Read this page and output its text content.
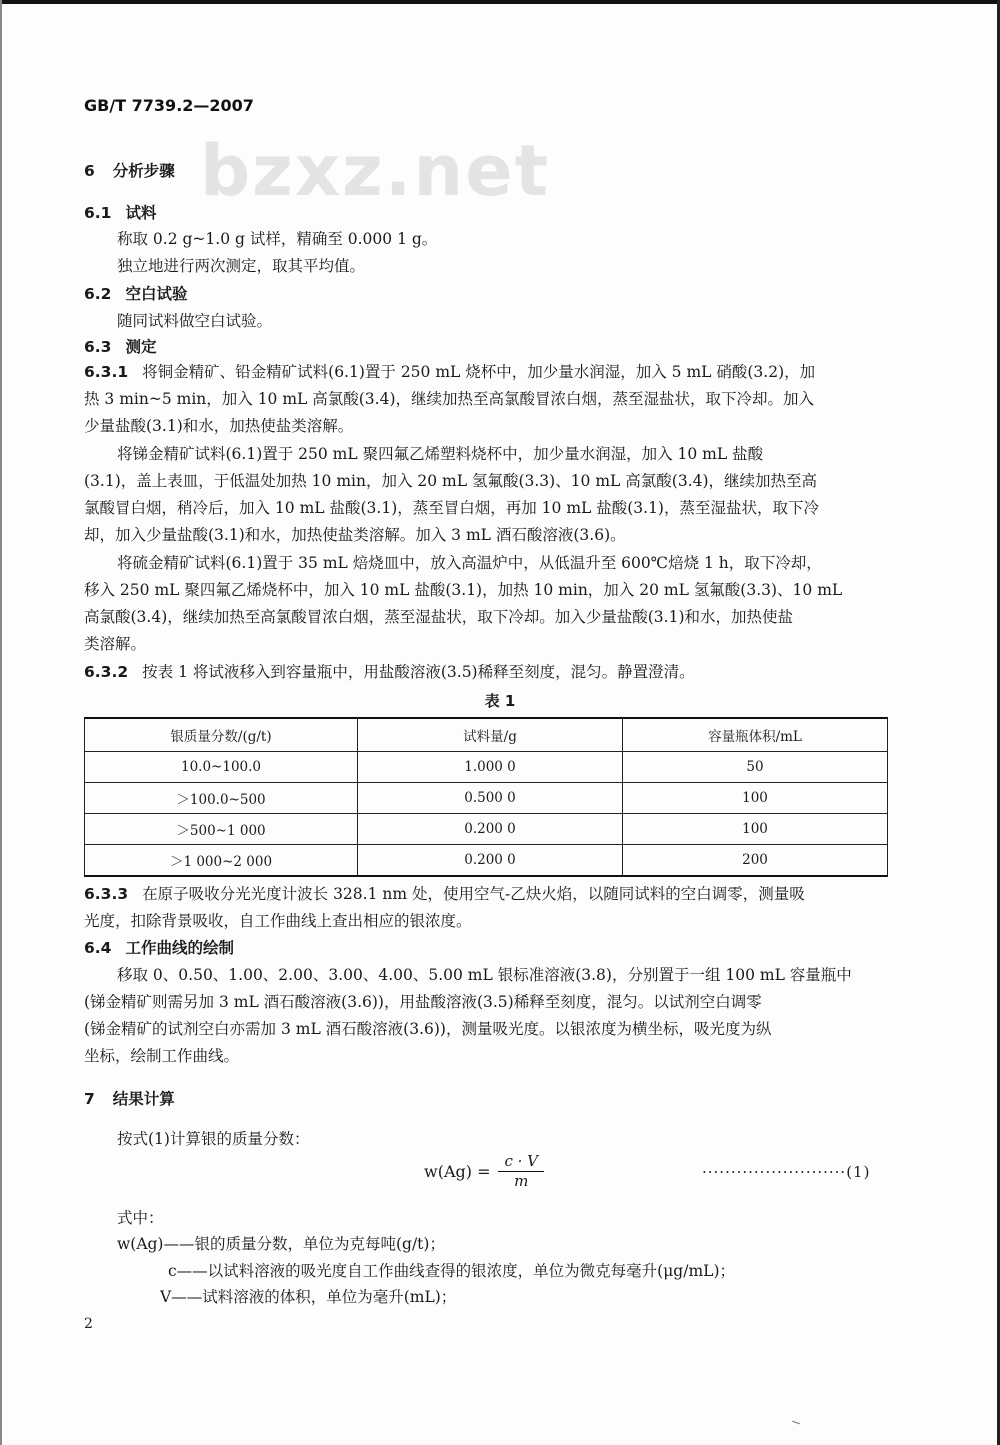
GB/T 7739.2—2007
bzxz.net
6 分析步骤
6.1 试料
称取 0.2 g~1.0 g 试样，精确至 0.000 1 g。
独立地进行两次测定，取其平均值。
6.2 空白试验
随同试料做空白试验。
6.3 测定
6.3.1 将铜金精矿、铅金精矿试料(6.1)置于 250 mL 烧杯中，加少量水润湿，加入 5 mL 硝酸(3.2)，加
热 3 min~5 min，加入 10 mL 高氯酸(3.4)，继续加热至高氯酸冒浓白烟，蒸至湿盐状，取下冷却。加入
少量盐酸(3.1)和水，加热使盐类溶解。
将锑金精矿试料(6.1)置于 250 mL 聚四氟乙烯塑料烧杯中，加少量水润湿，加入 10 mL 盐酸
(3.1)，盖上表皿，于低温处加热 10 min，加入 20 mL 氢氟酸(3.3)、10 mL 高氯酸(3.4)，继续加热至高
氯酸冒白烟，稍冷后，加入 10 mL 盐酸(3.1)，蒸至冒白烟，再加 10 mL 盐酸(3.1)，蒸至湿盐状，取下冷
却，加入少量盐酸(3.1)和水，加热使盐类溶解。加入 3 mL 酒石酸溶液(3.6)。
将硫金精矿试料(6.1)置于 35 mL 焙烧皿中，放入高温炉中，从低温升至 600℃焙烧 1 h，取下冷却，
移入 250 mL 聚四氟乙烯烧杯中，加入 10 mL 盐酸(3.1)，加热 10 min，加入 20 mL 氢氟酸(3.3)、10 mL
高氯酸(3.4)，继续加热至高氯酸冒浓白烟，蒸至湿盐状，取下冷却。加入少量盐酸(3.1)和水，加热使盐
类溶解。
6.3.2 按表 1 将试液移入到容量瓶中，用盐酸溶液(3.5)稀释至刻度，混匀。静置澄清。
表 1
银质量分数/(g/t)	试料量/g	容量瓶体积/mL
10.0~100.0	1.000 0	50
＞100.0~500	0.500 0	100
＞500~1 000	0.200 0	100
＞1 000~2 000	0.200 0	200
6.3.3 在原子吸收分光光度计波长 328.1 nm 处，使用空气-乙炔火焰，以随同试料的空白调零，测量吸
光度，扣除背景吸收，自工作曲线上查出相应的银浓度。
6.4 工作曲线的绘制
移取 0、0.50、1.00、2.00、3.00、4.00、5.00 mL 银标准溶液(3.8)，分别置于一组 100 mL 容量瓶中
(锑金精矿则需另加 3 mL 酒石酸溶液(3.6))，用盐酸溶液(3.5)稀释至刻度，混匀。以试剂空白调零
(锑金精矿的试剂空白亦需加 3 mL 酒石酸溶液(3.6))，测量吸光度。以银浓度为横坐标，吸光度为纵
坐标，绘制工作曲线。
7 结果计算
按式(1)计算银的质量分数：
$w(Ag) = \frac{c \cdot V}{m}$	·························(1)
式中：
w(Ag)——银的质量分数，单位为克每吨(g/t)；
c——以试料溶液的吸光度自工作曲线查得的银浓度，单位为微克每毫升(μg/mL)；
V——试料溶液的体积，单位为毫升(mL)；
2
